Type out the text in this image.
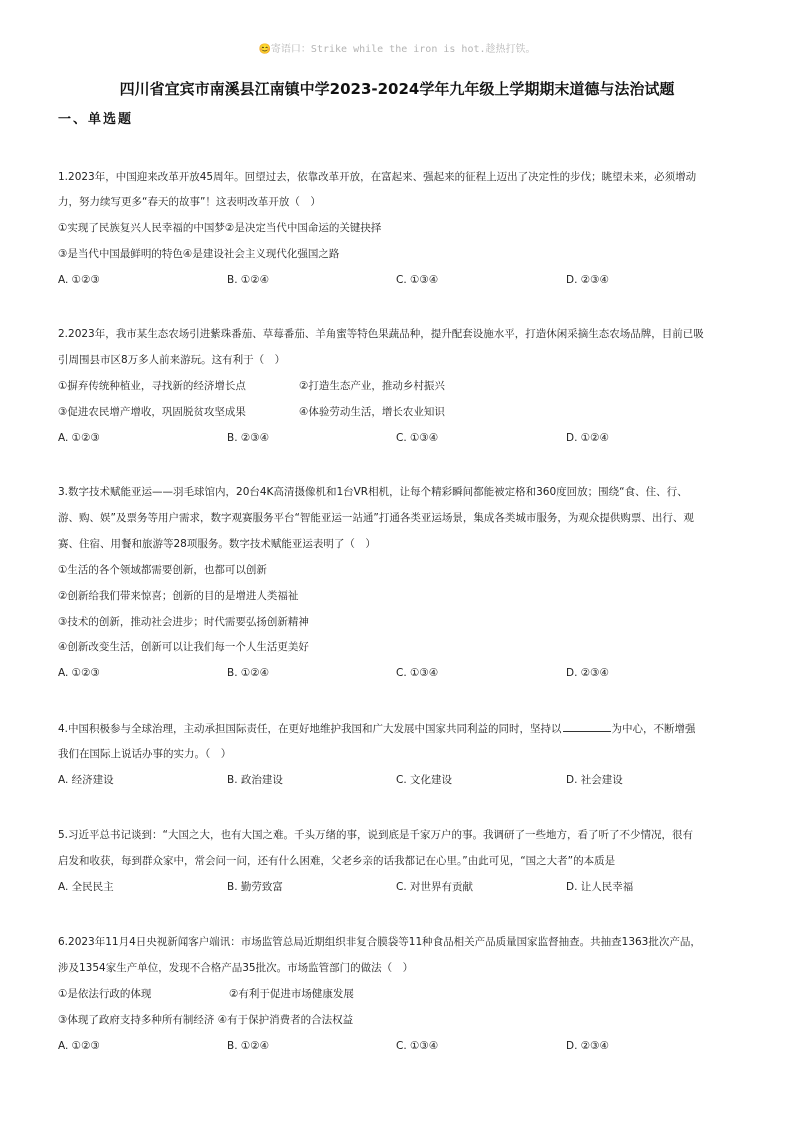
😊寄语口：Strike while the iron is hot.趁热打铁。
四川省宜宾市南溪县江南镇中学2023-2024学年九年级上学期期末道德与法治试题
一、单选题
1.2023年，中国迎来改革开放45周年。回望过去，依靠改革开放，在富起来、强起来的征程上迈出了决定性的步伐；眺望未来，必须增动
力，努力续写更多“春天的故事”！这表明改革开放（　）
①实现了民族复兴人民幸福的中国梦②是决定当代中国命运的关键抉择
③是当代中国最鲜明的特色④是建设社会主义现代化强国之路
A. ①②③	B. ①②④	C. ①③④	D. ②③④
2.2023年，我市某生态农场引进紫珠番茄、草莓番茄、羊角蜜等特色果蔬品种，提升配套设施水平，打造休闲采摘生态农场品牌，目前已吸
引周围县市区8万多人前来游玩。这有利于（　）
①摒弃传统种植业，寻找新的经济增长点	②打造生态产业，推动乡村振兴
③促进农民增产增收，巩固脱贫攻坚成果	④体验劳动生活，增长农业知识
A. ①②③	B. ②③④	C. ①③④	D. ①②④
3.数字技术赋能亚运——羽毛球馆内，20台4K高清摄像机和1台VR相机，让每个精彩瞬间都能被定格和360度回放；围绕“食、住、行、
游、购、娱”及票务等用户需求，数字观赛服务平台“智能亚运一站通”打通各类亚运场景，集成各类城市服务，为观众提供购票、出行、观
赛、住宿、用餐和旅游等28项服务。数字技术赋能亚运表明了（　）
①生活的各个领域都需要创新，也都可以创新
②创新给我们带来惊喜；创新的目的是增进人类福祉
③技术的创新，推动社会进步；时代需要弘扬创新精神
④创新改变生活，创新可以让我们每一个人生活更美好
A. ①②③	B. ①②④	C. ①③④	D. ②③④
4.中国积极参与全球治理，主动承担国际责任，在更好地维护我国和广大发展中国家共同利益的同时，坚持以	为中心，不断增强
我们在国际上说话办事的实力。（　）
A. 经济建设	B. 政治建设	C. 文化建设	D. 社会建设
5.习近平总书记谈到：“大国之大，也有大国之难。千头万绪的事，说到底是千家万户的事。我调研了一些地方，看了听了不少情况，很有
启发和收获，每到群众家中，常会问一问，还有什么困难，父老乡亲的话我都记在心里。”由此可见，“国之大者”的本质是
A. 全民民主	B. 勤劳致富	C. 对世界有贡献	D. 让人民幸福
6.2023年11月4日央视新闻客户端讯：市场监管总局近期组织非复合膜袋等11种食品相关产品质量国家监督抽查。共抽查1363批次产品，
涉及1354家生产单位，发现不合格产品35批次。市场监管部门的做法（　）
①是依法行政的体现	②有利于促进市场健康发展
③体现了政府支持多种所有制经济 ④有于保护消费者的合法权益
A. ①②③	B. ①②④	C. ①③④	D. ②③④
